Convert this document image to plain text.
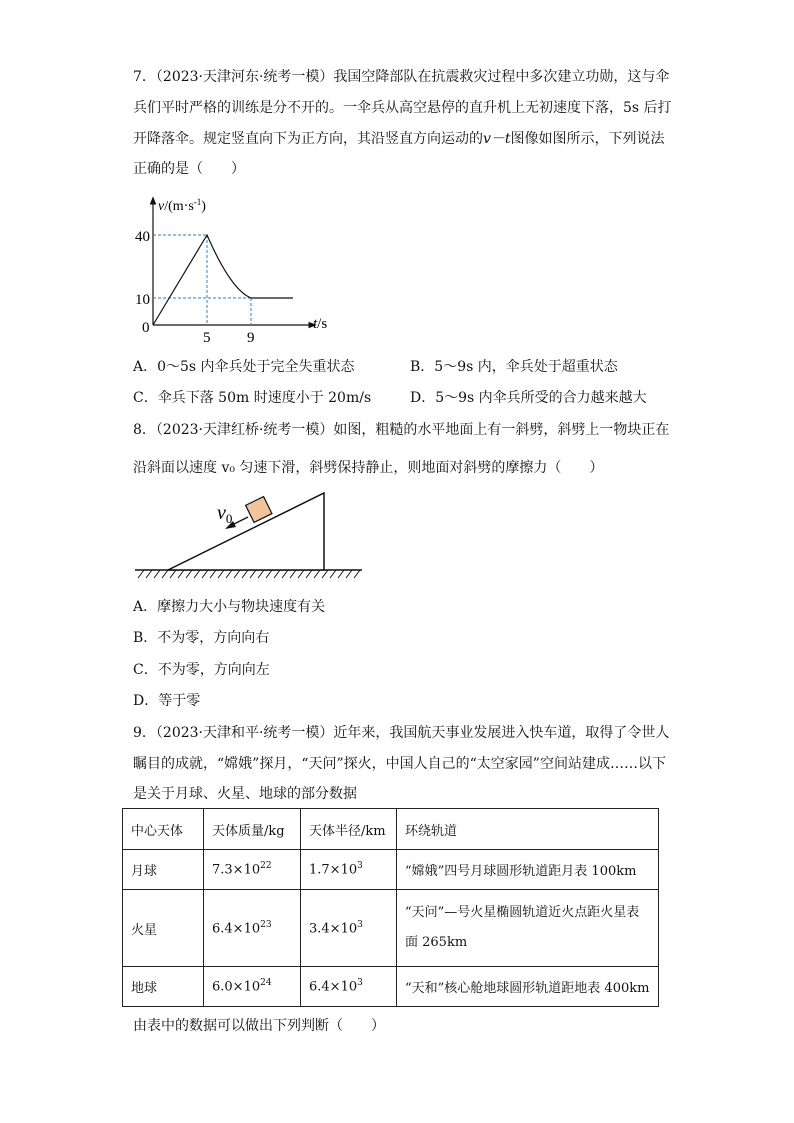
7．（2023·天津河东·统考一模）我国空降部队在抗震救灾过程中多次建立功勋，这与伞
兵们平时严格的训练是分不开的。一伞兵从高空悬停的直升机上无初速度下落，5s 后打
开降落伞。规定竖直向下为正方向，其沿竖直方向运动的v－t图像如图所示，下列说法
正确的是（　　）
$v/(m\cdot s^{-1})$
40
10
0
5 9
t/s
A．0～5s 内伞兵处于完全失重状态	B．5～9s 内，伞兵处于超重状态
C．伞兵下落 50m 时速度小于 20m/s	D．5～9s 内伞兵所受的合力越来越大
8．（2023·天津红桥·统考一模）如图，粗糙的水平地面上有一斜劈，斜劈上一物块正在
沿斜面以速度 v₀ 匀速下滑，斜劈保持静止，则地面对斜劈的摩擦力（　　）
$v_0$
A．摩擦力大小与物块速度有关
B．不为零，方向向右
C．不为零，方向向左
D．等于零
9．（2023·天津和平·统考一模）近年来，我国航天事业发展进入快车道，取得了令世人
瞩目的成就，“嫦娥”探月，“天问”探火，中国人自己的“太空家园”空间站建成……以下
是关于月球、火星、地球的部分数据
中心天体	天体质量/kg	天体半径/km	环绕轨道
月球	$7.3\times 10^{22}$	$1.7\times 10^3$	“嫦娥”四号月球圆形轨道距月表 100km
火星	$6.4\times 10^{23}$	$3.4\times 10^3$	“天问”—号火星椭圆轨道近火点距火星表面 265km
地球	$6.0\times 10^{24}$	$6.4\times 10^3$	“天和”核心舱地球圆形轨道距地表 400km
由表中的数据可以做出下列判断（　　）
